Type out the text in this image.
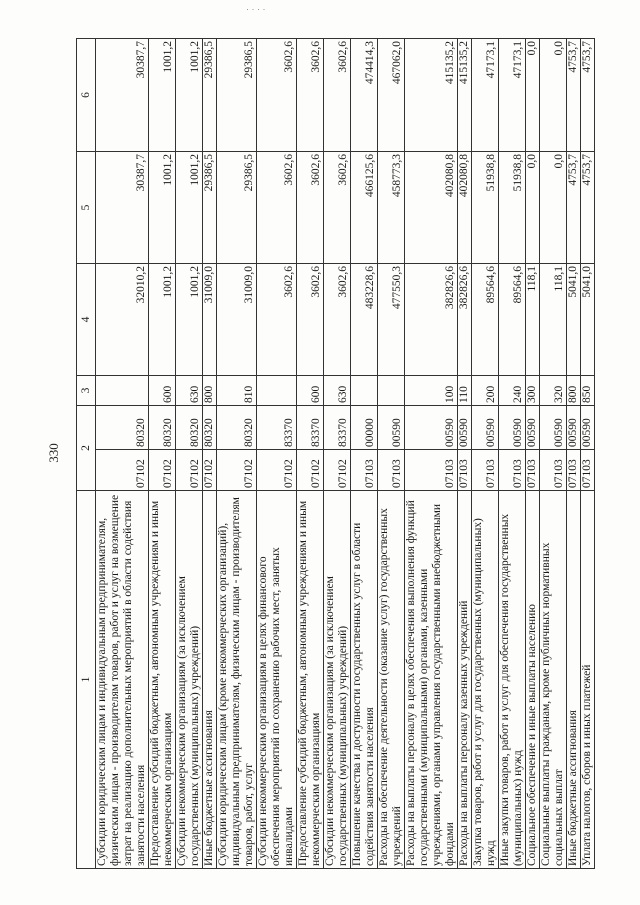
330
1	2		3	4	5	6
Субсидии юридическим лицам и индивидуальным предпринимателям, физическим лицам - производителям товаров, работ и услуг на возмещение затрат на реализацию дополнительных мероприятий в области содействия занятости населения	07102	80320		32010,2	30387,7	30387,7
Предоставление субсидий бюджетным, автономным учреждениям и иным некоммерческим организациям	07102	80320	600	1001,2	1001,2	1001,2
Субсидии некоммерческим организациям (за исключением государственных (муниципальных) учреждений)	07102	80320	630	1001,2	1001,2	1001,2
Иные бюджетные ассигнования	07102	80320	800	31009,0	29386,5	29386,5
Субсидии юридическим лицам (кроме некоммерческих организаций), индивидуальным предпринимателям, физическим лицам - производителям товаров, работ, услуг	07102	80320	810	31009,0	29386,5	29386,5
Субсидии некоммерческим организациям в целях финансового обеспечения мероприятий по сохранению рабочих мест, занятых инвалидами	07102	83370		3602,6	3602,6	3602,6
Предоставление субсидий бюджетным, автономным учреждениям и иным некоммерческим организациям	07102	83370	600	3602,6	3602,6	3602,6
Субсидии некоммерческим организациям (за исключением государственных (муниципальных) учреждений)	07102	83370	630	3602,6	3602,6	3602,6
Повышение качества и доступности государственных услуг в области содействия занятости населения	07103	00000		483228,6	466125,6	474414,3
Расходы на обеспечение деятельности (оказание услуг) государственных учреждений	07103	00590		477550,3	458773,3	467062,0
Расходы на выплаты персоналу в целях обеспечения выполнения функций государственными (муниципальными) органами, казенными учреждениями, органами управления государственными внебюджетными фондами	07103	00590	100	382826,6	402080,8	415135,2
Расходы на выплаты персоналу казенных учреждений	07103	00590	110	382826,6	402080,8	415135,2
Закупка товаров, работ и услуг для государственных (муниципальных) нужд	07103	00590	200	89564,6	51938,8	47173,1
Иные закупки товаров, работ и услуг для обеспечения государственных (муниципальных) нужд	07103	00590	240	89564,6	51938,8	47173,1
Социальное обеспечение и иные выплаты населению	07103	00590	300	118,1	0,0	0,0
Социальные выплаты гражданам, кроме публичных нормативных социальных выплат	07103	00590	320	118,1	0,0	0,0
Иные бюджетные ассигнования	07103	00590	800	5041,0	4753,7	4753,7
Уплата налогов, сборов и иных платежей	07103	00590	850	5041,0	4753,7	4753,7
· · · ·
